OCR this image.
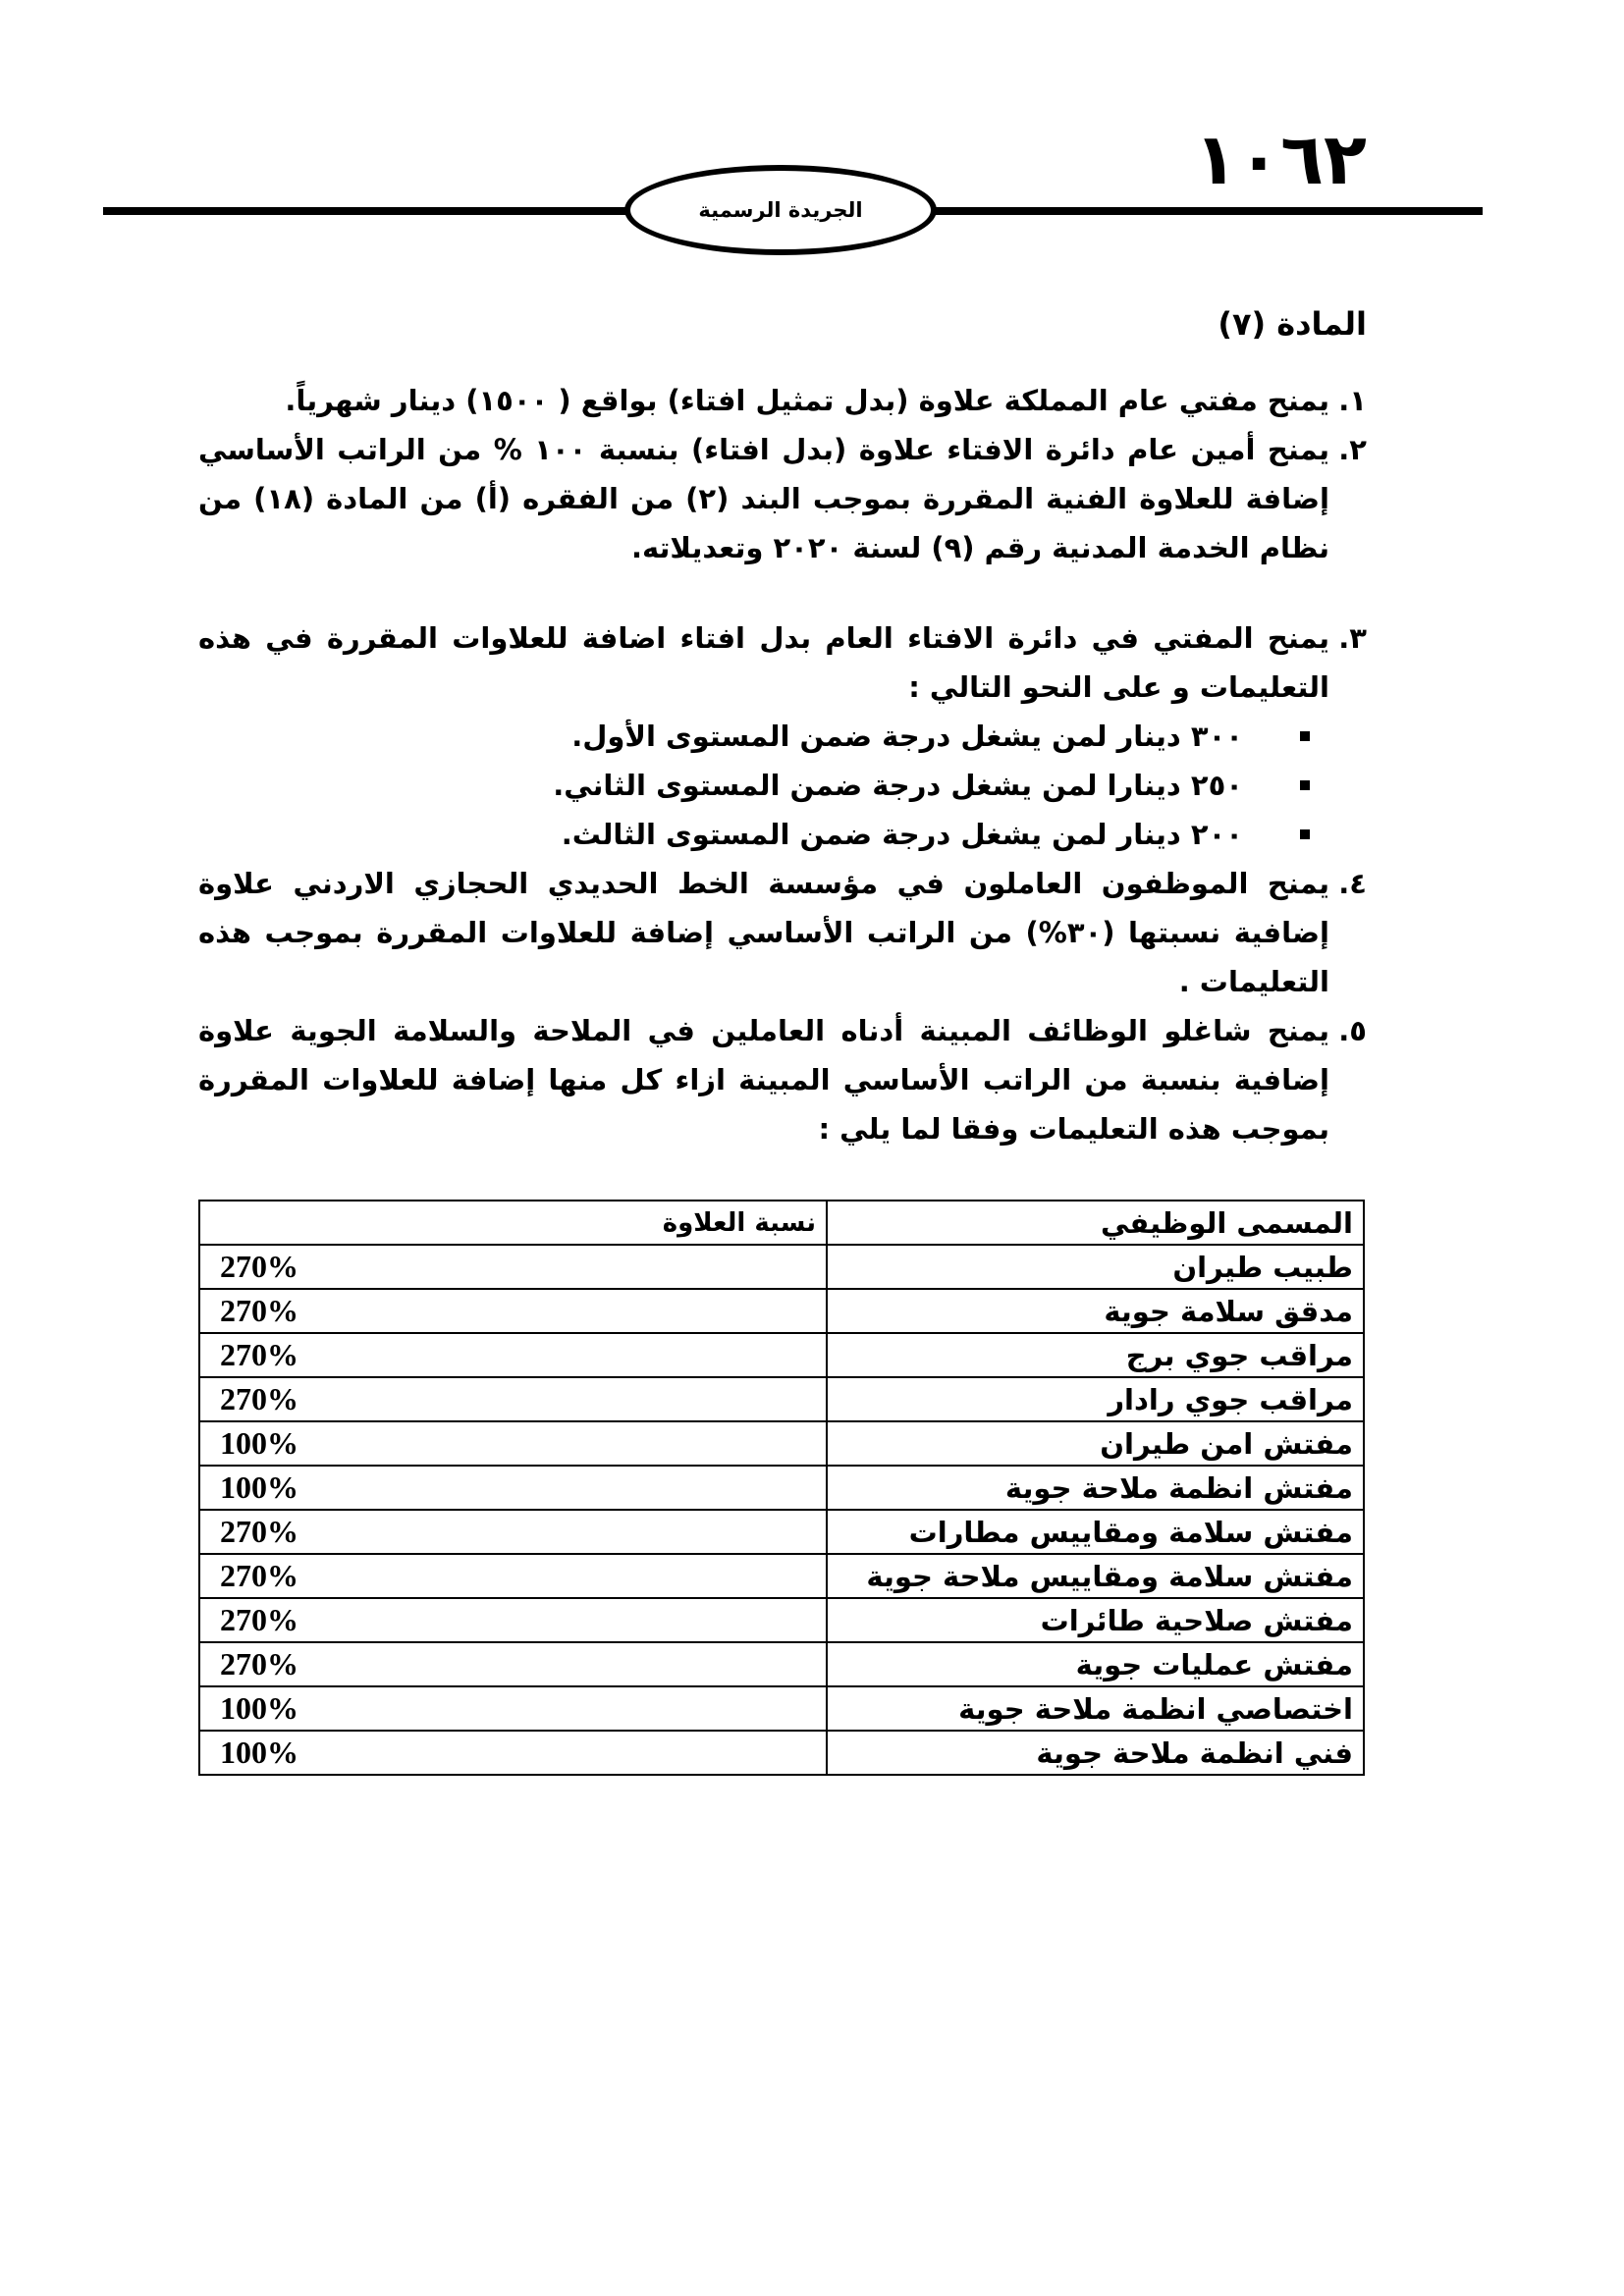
١٠٦٢
الجريدة الرسمية
المادة (٧)
١.
يمنح مفتي عام المملكة علاوة (بدل تمثيل افتاء) بواقع ( ١٥٠٠) دينار شهرياً.
٢.
يمنح أمين عام دائرة الافتاء علاوة (بدل افتاء) بنسبة ١٠٠ % من الراتب الأساسي إضافة للعلاوة الفنية المقررة بموجب البند (٢) من الفقره (أ) من المادة (١٨) من نظام الخدمة المدنية رقم (٩) لسنة ٢٠٢٠ وتعديلاته.
٣.
يمنح المفتي في دائرة الافتاء العام بدل افتاء اضافة للعلاوات المقررة في هذه التعليمات و على النحو التالي :
٣٠٠ دينار لمن يشغل درجة ضمن المستوى الأول.
٢٥٠ دينارا لمن يشغل درجة ضمن المستوى الثاني.
٢٠٠ دينار لمن يشغل درجة ضمن المستوى الثالث.
٤.
يمنح الموظفون العاملون في مؤسسة الخط الحديدي الحجازي الاردني علاوة إضافية نسبتها (٣٠%) من الراتب الأساسي إضافة للعلاوات المقررة بموجب هذه التعليمات .
٥.
يمنح شاغلو الوظائف المبينة أدناه العاملين في الملاحة والسلامة الجوية علاوة إضافية بنسبة من الراتب الأساسي المبينة ازاء كل منها إضافة للعلاوات المقررة بموجب هذه التعليمات وفقا لما يلي :
المسمى الوظيفي	نسبة العلاوة
طبيب طيران	270%
مدقق سلامة جوية	270%
مراقب جوي برج	270%
مراقب جوي رادار	270%
مفتش امن طيران	100%
مفتش انظمة ملاحة جوية	100%
مفتش سلامة ومقاييس مطارات	270%
مفتش سلامة ومقاييس ملاحة جوية	270%
مفتش صلاحية طائرات	270%
مفتش عمليات جوية	270%
اختصاصي انظمة ملاحة جوية	100%
فني انظمة ملاحة جوية	100%
